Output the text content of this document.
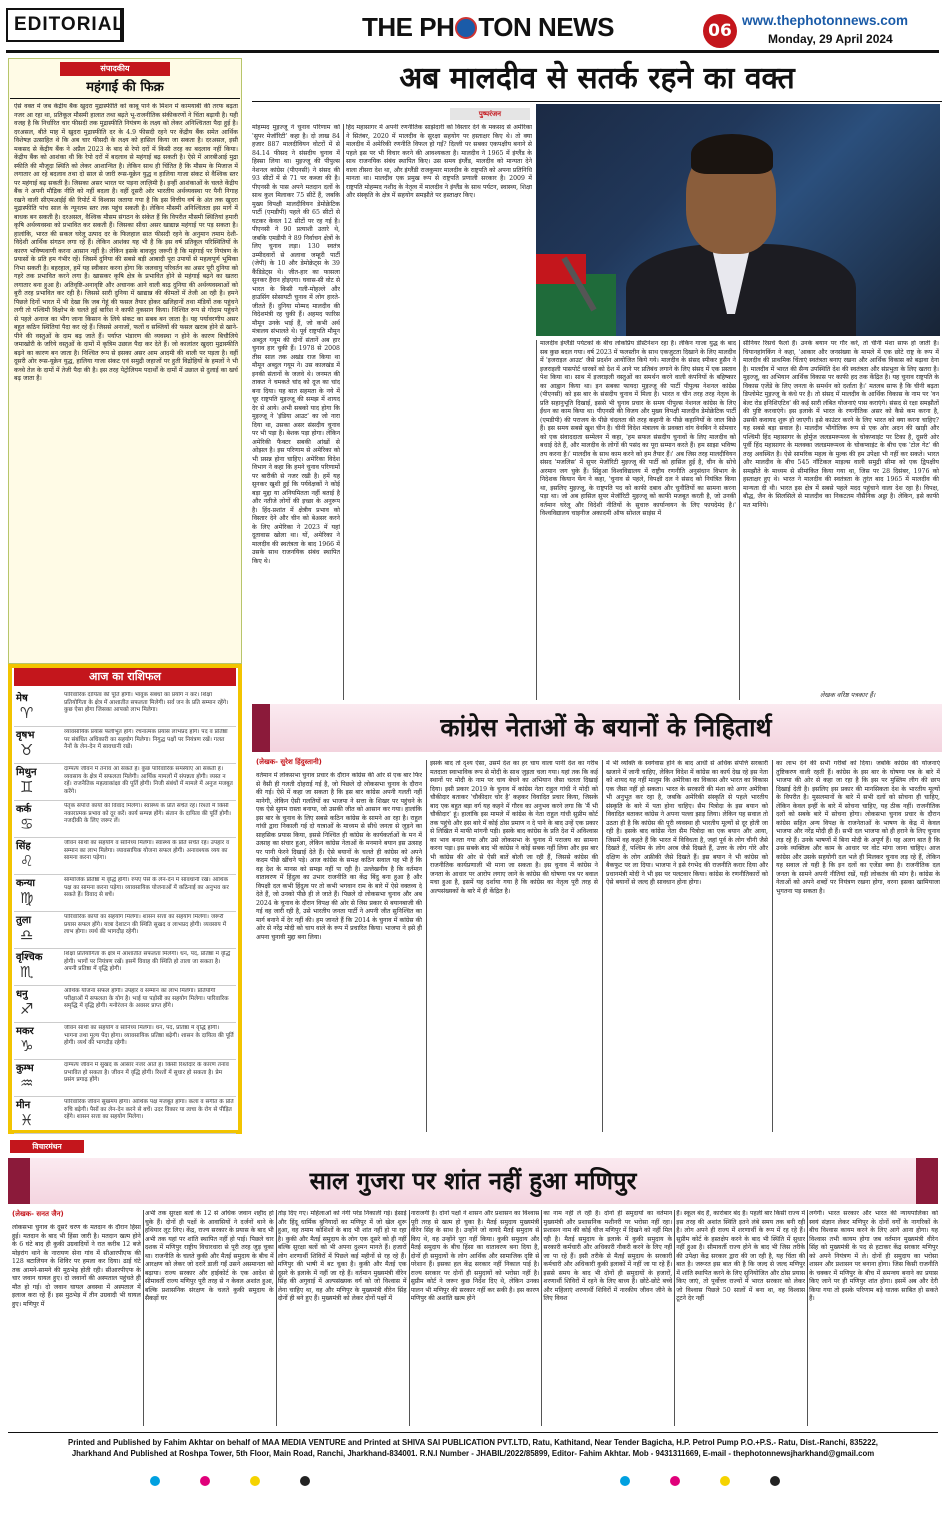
EDITORIAL	THE PH TON NEWS	06
www.thephotonnews.com
Monday, 29 April 2024
संपादकीय
महंगाई की फिक्र
ऐसे वक्त में जब केंद्रीय बैंक खुदरा मुद्रास्फीति को काबू पाने के मिशन में कामयाबी की तरफ बढ़ता नजर आ रहा था, प्रतिकूल मौसमी हालात तथा बढ़ते भू-राजनीतिक संकीकरणों ने चिंता बढ़ायी है। यही वजह है कि निर्धारित चार फीसदी तक मुद्रास्फीति नियंत्रण के लक्ष्य को लेकर अनिश्चितता पैदा हुई है। दरअसल, बीते माह में खुदरा मुद्रास्फीति दर के 4.9 फीसदी रहने पर केंद्रीय बैंक समेत आर्थिक विशेषज्ञ उत्साहित थे कि अब चार फीसदी के लक्ष्य को हासिल किया जा सकता है। दरअसल, इसी मकसद से केंद्रीय बैंक ने अप्रैल 2023 के बाद से रेपो दरों में किसी तरह का बदलाव नहीं किया। केंद्रीय बैंक को आशंका थी कि रेपो दरों में बदलाव से महंगाई बढ़ सकती है। ऐसे में आरबीआई मुद्रा स्फीति की मौजूदा स्थिति को लेकर आशान्वित है। लेकिन साथ ही चिंतित है कि मौसम के मिजाज में लगातार आ रहे बदलाव तथा दो साल से जारी रूस-यूक्रेन युद्ध व हालिया गाजा संकट से वैश्विक स्तर पर महंगाई बढ़ सकती है। जिसका असर भारत पर पड़ना लाज़िमी है। इन्हीं आशंकाओं के चलते केंद्रीय बैंक ने अपनी मौद्रिक नीति को नहीं बदला है। वहीं दूसरी ओर भारतीय अर्थव्यवस्था पर पैनी निगाह रखने वाली सीएमआईई की रिपोर्ट में विश्वास जताया गया है कि इस वित्तीय वर्ष के अंत तक खुदरा मुद्रास्फीति पांच साल के न्यूनतम स्तर तक पहुंच सकती है। लेकिन मौसमी अनिश्चितता इस मार्ग में बाधक बन सकती है। दरअसल, वैश्विक मौसम संगठन के संकेत हैं कि विपरीत मौसमी स्थितियां हमारी कृषि अर्थव्यवस्था को प्रभावित कर सकती हैं। जिसका सीधा असर खाद्यान्न महंगाई पर पड़ सकता है। हालांकि, भारत की सकल घरेलू उत्पाद दर के फिलहाल सात फीसदी रहने के अनुमान तमाम देशी-विदेशी आर्थिक संगठन लगा रहे हैं। लेकिन आशंका यह भी है कि इस वर्ष प्रतिकूल परिस्थितियों के कारण भविष्यवाणी करना आसान नहीं है। लेकिन इसके बावजूद जरूरी है कि महंगाई पर नियंत्रण के प्रयासों के प्रति हम गंभीर रहें। जिसमें दुनिया की सबसे बड़ी आबादी पूरा उपायों से महत्वपूर्ण भूमिका निभा सकती है। बहरहाल, हमें यह स्वीकार करना होगा कि जलवायु परिवर्तन का असर पूरी दुनिया को गहरे तक प्रभावित करने लगा है। खासकर कृषि क्षेत्र के प्रभावित होने से महंगाई बढ़ने का खतरा लगातार बना हुआ है। अतिवृष्टि-अनावृष्टि और अचानक आने वाली बाढ़ दुनिया की अर्थव्यवस्थाओं को बुरी तरह प्रभावित कर रही है। जिससे सारी दुनिया में खाद्यान्न की कीमतों में तेजी आ रही है। हमने पिछले दिनों भारत में भी देखा कि जब गेहूं की फसल तैयार होकर खलिहानों तथा मंडियों तक पहुंचने लगी तो पश्चिमी विक्षोभ के चलते हुई बारिश ने काफी नुकसान किया। निश्चित रूप से गोदाम पहुंचने से पहले अनाज का भीग जाना किसान के लिये संकट का सबब बन जाता है। यह पर्यावरणीय असर बहुत कठिन स्थितियां पैदा कर रहे हैं। जिससे अनाजों, फलों व सब्जियों की फसल खराब होने से खाने-पीने की वस्तुओं के दाम बढ़ जाते हैं। पर्याप्त भंडारण की व्यवस्था न होने के कारण बिचौलिये जमाखोरी के जरिये वस्तुओं के दामों में कृत्रिम उछाल पैदा कर देते हैं। जो कालांतर खुदरा मुद्रास्फीति बढ़ने का कारण बन जाता है। निश्चित रूप से इसका असर आम आदमी की थाली पर पड़ता है। वहीं दूसरी ओर रूस-यूक्रेन युद्ध, हालिया गाजा संकट एवं समुद्री जहाजों पर हुती विद्रोहियों के हमलों ने भी कच्चे तेल के दामों में तेजी पैदा की है। इस तरह पेट्रोलियम पदार्थों के दामों में उछाल से दुलाई का खर्च बढ़ जाता है।
आज का राशिफल
मेष
♈
पारिवारिक दायित्व की पूर्ति होगी। भावुक संबंधों का प्रयोग न करें। शिक्षा प्रतियोगिता के क्षेत्र में आशातीत सफलता मिलेगी। सर्व जन के प्रति सम्मान रहेंगे। कुछ ऐसा होगा जिसका आपको लाभ मिलेगा।
वृषभ
♉
व्यावसायिक प्रयास फलीभूत होंगे। रचनात्मक प्रयास लाभप्रद होंगे। पद व प्रतिष्ठा पर संबंधित अधिकारी का सहयोग मिलेगा। निगुद्ध पक्षों पर नियंत्रण रखें। गलत नैनों के लेन-देन में सावधानी रखें।
मिथुन
♊
दाम्पत्य जीवन में तनाव आ सकते हैं। कुछ पारिवारिक समस्याएं आ सकती हैं। व्यवसाय के क्षेत्र में सफलता मिलेगी। आर्थिक मामलों में संपन्नता होगी। व्यस्त न रहें। राजनैतिक महत्वाकांक्षा की पूर्ति होगी। निजी संबंधों में मामले में अनुज मजबूत करेंगे।
कर्क
♋
पैतृक संपत्ति कार्यों की विवाद मिलेगा। स्वास्थ्य के प्रति सचेत रहें। रिश्तों में किसी नकारात्मक प्रभाव को दूर करें। कार्य सम्पन्न होंगे। संतान के दायित्व की पूर्ति होगी। नजदीकी के लिए जरूर लें।
सिंह
♌
जीवन साथी का सहयोग व सानिध्य मिलेगा। स्वास्थ्य के प्रति सचेत रहें। उपहार व सम्मान का लाभ मिलेगा। व्यावसायिक योजना सफल होगी। अनावश्यक व्यय का सामना करना पड़ेगा।
कन्या
♍
सामाजिक प्रतिष्ठा में वृद्धि होगी। रुपए पैसे के लेन-देन में सावधानी रखें। आर्थिक पक्ष का सामना करना पड़ेगा। व्यावसायिक योजनाओं में कठिनाई का अनुभव कर सकते हैं। विवाद से बचें।
तुला
♎
पारिवारिक कार्यों का सहयोग मिलेगा। शासन सत्ता का सहयोग मिलेगा। जरूरी प्रयास सफल होंगे। यात्रा देशाटन की स्थिति सुखद व लाभप्रद होगी। व्यवसाय में लाभ होगा। व्यर्थ की भागदौड़ रहेगी।
वृश्चिक
♏
शिक्षा प्रतियोगिता के क्षेत्र में आशातीत सफलता मिलेगी। धन, पद, प्रतिष्ठा में वृद्धि होगी। भागों पर नियंत्रण रखें। इसमें विवाह की स्थिति हो ताला जा सकता है। अपनी प्रतिष्ठा में वृद्धि होगी।
धनु
♐
आर्थिक योजना सफल होगी। उपहार व सम्मान का लाभ मिलेगा। प्रतियोगी परीक्षाओं में सफलता के योग है। भाई या पड़ोसी का सहयोग मिलेगा। पारिवारिक समृद्धि में वृद्धि होगी। मनोरंजन के अवसर प्राप्त होंगे।
मकर
♑
जीवन साथी का सहयोग व सानिध्य मिलेगा। धन, पद, प्रतिष्ठा में वृद्धि होगी। भागना तथा मूल्य पेंदा होगा। व्यावसायिक प्रतिष्ठा बढ़ेगी। शासन के दायित्व की पूर्ति होगी। व्यर्थ की भागदौड़ रहेगी।
कुम्भ
♒
दाम्पत्य जीवन में सुखद के आसार नजर आते हैं। किसी रिश्तेदार के कारण तनाव प्रभावित हो सकता है। जीवन में वृद्धि होगी। रिश्तों में सुधार हो सकता है। प्रेम प्रसंग प्रगाढ़ होंगे।
मीन
♓
पारिवारिक जीवन सुखमय होगा। आर्थिक पक्ष मजबूत होगा। कला व संगीत के प्रति रुचि बढ़ेगी। पैसों का लेन-देन करने से बचें। उदर विकार या त्वचा के रोग से पीड़ित रहेंगे। शासन सत्ता का सहयोग मिलेगा।
अब मालदीव से सतर्क रहने का वक्त
पुष्परंजन
मोहम्मद मुइज्जू ने चुनाव परिणाम को 'सुपर मेजॉरिटी' कहा है। दो लाख 84 हजार 887 मालदीवियन वोटरों में से 84.14 फीसद ने संसदीय चुनाव में हिस्सा लिया था। मुइज्जू की पीपुल्स नेशनल कांग्रेस (पीएनसी) ने संसद की 93 सीटों में से 71 पर कब्जा की है। पीएनसी के पास अपने मतदान दलों के साथ कुल मिलाकर 75 सीटें हैं, जबकि मुख्य विपक्षी मालदीवियन डेमोक्रेटिक पार्टी (एमडीपी) पहले की 65 सीटों से घटकर केवल 12 सीटों पर रह गई है। पीएनसी ने 90 प्रत्याशी उतारे थे, जबकि एमडीपी ने 89 निर्वाचन क्षेत्रों के लिए चुनाव लड़ा। 130 स्वतंत्र उम्मीदवारों से अलावा जम्हूरी पार्टी (जेपी) के 10 और डेमोक्रेट्स के 39 कैंडिडेट्स थे। जीत-हार का फासला सुनकर हैरान होइएगा। घवास-सी वोट से भारत के किसी गली-मोहल्ले और हाउसिंग सोसायटी चुनाव में लोग हारते-जीतते हैं। दुनिया मोम्मद मालदीव की विदेशमंत्री रह चुकी हैं। अहमद फारिस मौमून उनके भाई हैं, जो कभी अर्थ मंत्रालय संभालते थे। पूर्व राष्ट्रपति मौमून अब्दुल गयूम की दोनों संतानें अब हार चुनाव हार चुकी हैं। 1978 से 2008 तीस साल तक अखंड राज किया था मौमून अब्दुल गयूम ने। उस कालखंड में इनकी संतानों के जलवे थे। जनमत की ताकत ने चमकते चांद को दूज का चांद बना दिया। यह बात सहमता के नये में चूर राष्ट्रपति मुइज्जू की समझ में शायद देर से आये। अभी सबको याद होगा कि मुइज्जू ने 'इंडिया आउट' का जो नारा दिया था, उसका असर संसदीय चुनाव पर भी पड़ा है। बेशक पड़ा होगा। लेकिन अमेरिकी फैक्टर सबकी आंखों से ओझल है। इस परिणाम से अमेरिका को भी प्रसन्न होना चाहिए। अमेरिका विदेश विभाग ने कहा कि हमने चुनाव परिणामों पर बारीकी से नजर रखी है। हमें यह सुनकर खुशी हुई कि पर्यवेक्षकों ने कोई बड़ा मुद्दा या अनियमितता नहीं बताई है और नतीजे लोगों की इच्छा के अनुरूप है। हिंद-प्रशांत में क्षेत्रीय प्रभाव को विस्तार देने और चीन को बेअसर करने के लिए अमेरिका ने 2023 में यहां दूतावास खोला था। यों, अमेरिका ने मालदीव की स्वतंत्रता के बाद 1966 में उसके साथ राजनयिक संबंध स्थापित किए थे।
हिंद महासागर में अपनी रणनीतिक साझेदारी को विस्तार देने के मकसद से अमेरिका ने सितंबर, 2020 में मालदीव के सुरक्षा सहयोग पर हस्ताक्षर किए थे। तो क्या मालदीव में अमेरिकी रणनीति विफल हो गई? दिल्ली पर सबका एकपक्षीय बनाने से पहले इस पर भी विचार करने की आवश्यकता है। मालदीव ने 1965 में इंग्लैंड के साथ राजनयिक संबंध स्थापित किए। उस समय इंग्लैंड, मालदीव को मान्यता देने वाला तीसरा देश था, और इंग्लैंडी राजकुमार मालदीव के राष्ट्रपति को अपना प्रतिनिधि मानता था। मालदीव एक प्रमुख रूप से राष्ट्रपति प्रणाली सरकार है। 2009 में राष्ट्रपति मोहम्मद नशीद के नेतृत्व में मालदीव ने इंग्लैंड के साथ पर्यटन, स्वास्थ्य, शिक्षा और संस्कृति के क्षेत्र में सहयोग समझौते पर हस्ताक्षर किए।
मालदीव इंग्लैंडी पर्यटकों के बीच लोकप्रिय डेस्टिनेशन रहा है। लेकिन गाजा युद्ध के बाद सब कुछ बदल गया। वर्ष 2023 में फलस्तीन के साथ एकजुटता दिखाने के लिए मालदीव में 'इजराइल आउट' जैसे प्रदर्शन आयोजित किये गये। मालदीव के संसद स्पीकर हुसैन ने इजराइली पासपोर्ट धारकों को देश में आने पर प्रतिबंध लगाने के लिए संसद में एक प्रस्ताव पेश किया था। साथ में इजराइली वस्तुओं का समर्थन करने वाली कंपनियों के बहिष्कार का आह्वान किया था। इन सबका फायदा मुइज्जू की पार्टी पीपुल्स नेशनल कांग्रेस (पीएनसी) को इस बार के संसदीय चुनाव में मिला है। भारत व चीन तरह तरह नेतृत्व के प्रति सहानुभूति दिखाई, इससे भी चुनाव प्रचार के समय पीपुल्स नेशनल कांग्रेस के लिए ईंधन का काम किया था। पीएनसी की विजय और मुख्य विपक्षी मालदीव डेमोक्रेटिक पार्टी (एमडीपी) की पराजय के पीछे चंदलता की तरह कहानी के पीछे कहानियों के जाल बिछे हैं। इस समय सबसे खुश चीन है। चीनी विदेश मंत्रालय के प्रवक्ता वांग वेनबिन ने सोमवार को एक संवाददाता सम्मेलन में कहा, 'हम सफल संसदीय चुनावों के लिए मालदीव को बधाई देते हैं, और मालदीव के लोगों की पसंद का पूरा सम्मान करते हैं। हम साझा भविष्य तय करना है।' मालदीव के साथ काम करने को हम तैयार हैं।' अब जिस तरह मालदीवियन संसद 'मजलिस' में सुपर मेजॉरिटी मुइज्जू की पार्टी को हासिल हुई है, चीन के सोचे अरमान जग चुके हैं। सिंहुआ विश्वविद्यालय में राष्ट्रीय रणनीति अनुसंधान विभाग के निदेशक कियान फेंग ने कहा, 'चुनाव से पहले, विपक्षी दल ने संसद को नियंत्रित किया था, इसलिए मुइज्जू, के राष्ट्रपति पद को काफी दबाव और चुनौतियों का सामना करना पड़ा था। जो अब हासिल सुपर मेजॉरिटी मुइज्जू को काफी मजबूत करती है, जो उनकी वर्तमान घरेलू और विदेशी नीतियों के सुचारु कार्यान्वयन के लिए फायदेमंद है।' विश्वविद्यालय चाइनीज अकादमी ऑफ सोशल साइंस में
सीनियर रिसर्च फैलो हैं। उनके बयान पर गौर करें, तो चीनी मंशा साफ हो जाती है। चियानहांगकिंग ने कहा, 'आकार और जनसंख्या के मामले में एक छोटे राष्ट्र के रूप में मालदीव की प्राथमिक चिंताएं स्वतंत्रता बनाए रखना और आर्थिक विकास को बढ़ावा देना है। मालदीव में भारत की सैन्य उपस्थिति देश की स्वतंत्रता और संप्रभुता के लिए खतरा है। मुइज्जू, का अभियान आर्थिक विकास पर काफी हद तक केंद्रित है। यह चुनाव राष्ट्रपति के विकास एजेंडे के लिए जनता के समर्थन को दर्शाता है।' मतलब साफ है कि चीनी बढ़ता डिप्लोमेट मुइज्जू के कंधे पर है। तो संसद में मालदीव के आर्थिक विकास के नाम पर 'वन बेल्ट रोड इनिशिएटिव' की कई सारी लंबित योजनाएं पास कराएंगे। संसद से रक्षा समझौतों की पुष्टि करवाएंगे। इस इलाके में भारत के रणनीतिक असर को कैसे कम करना है, उसकी कवायद शुरू हो जाएगी। इसे काउंटर करने के लिए भारत को क्या करना चाहिए? यह सबसे बड़ा सवाल है। मालदीव भौगोलिक रूप से एक ओर अदन की खाड़ी और पश्चिमी हिंद महासागर के होर्मुज जलडमरूमध्य के चोकप्वाइंट पर टिका है, दूसरी ओर पूर्वी हिंद महासागर के मलक्का जलडमरूमध्य के चोकप्वाइंट के बीच एक 'टोल गेट' की तरह अवस्थित है। ऐसे सामरिक महत्व के मुल्क की हम उपेक्षा भी नहीं कर सकते। भारत और मालदीव के बीच 545 नॉटिकल माइल्स वाली समुद्री सीमा को एक द्विपक्षीय समझौते के माध्यम से सीमांकित किया गया था, जिस पर 28 दिसंबर, 1976 को हस्ताक्षर हुए थे। भारत ने मालदीव की स्वतंत्रता के तुरंत बाद 1965 में मालदीव की मान्यता दी थी। भारत इस क्षेत्र में सबसे पहले मदद पहुंचाने वाला देश रहा है। विपक्ष, बौद्ध, जैन के सिलसिले से मालदीव का निकटतम नौसैनिक अड्डा है। लेकिन, इसे काफी मत मानिये।
लेखक वरिष्ठ पत्रकार हैं।
कांग्रेस नेताओं के बयानों के निहितार्थ
(लेखक- सुरेश हिंदुस्तानी)
वर्तमान में लोकसभा चुनाव प्रचार के दौरान कांग्रेस की ओर से एक बार फिर से वैसी ही गलती दोहराई गई है, जो पिछले दो लोकसभा चुनाव के दौरान की गई। ऐसे में कहा जा सकता है कि इस बार कांग्रेस अपनी गलती नहीं मानेगी, लेकिन ऐसी गलतियों का भाजपा ने सत्ता के शिखर पर पहुंचने के एक ऐसे सुगम रास्ता बनाया, जो उसकी जीत को आसान कर गया। हालांकि इस बार के चुनाव के लिए सबसे कठिन कांग्रेस के सामने आ रहा है। राहुल गांधी द्वारा निकाली गई दो यात्राओं के माध्यम से सीधे जनता से जुड़ने का साहसिक प्रयास किया, इससे निश्चित ही कांग्रेस के कार्यकर्ताओं के मन में उत्साह का संचार हुआ, लेकिन कांग्रेस नेताओं के मनमाने बयान इस उत्साह पर पानी फेरने दिखाई देते हैं। ऐसे बयानों के चलते ही कांग्रेस को अपने कदम पीछे खींचने पड़े। आज कांग्रेस के समक्ष कठिन सवाल यह भी है कि वह देश के मानस को समझ नहीं पा रही है। उल्लेखनीय है कि वर्तमान वातावरण में हिंदुत्व का उभार राजनीति का केंद्र बिंदु बना हुआ है और विपक्षी दल कभी हिंदुत्व पर तो कभी भगवान राम के बारे में ऐसे वक्तव्य दे देते हैं, जो उनको पीछे ही ले जाते हैं। पिछले दो लोकसभा चुनाव और अब 2024 के चुनाव के दौरान विपक्ष की ओर से जिस प्रकार से बयानबाजी की गई वह जारी रही है, उसे भारतीय जनता पार्टी ने अपनी जीत सुनिश्चित का मार्ग बनाने में देर नहीं की। हम जानते हैं कि 2014 के चुनाव में कांग्रेस की ओर से नरेंद्र मोदी को चाय वाले के रूप में प्रचारित किया। भाजपा ने इसे ही अपना चुनावी मुद्दा बना लिया।
इसके बाद तो दृश्य ऐसा, उसमें देश का हर चाय वाला पानी देश का गरीब मतदाता स्वाभाविक रूप से मोदी के साथ जुड़ता चला गया। यहां तक कि कई स्थानों पर मोदी के नाम पर चाय बेचने का अभियान जैसा चलता दिखाई दिया। इसी प्रकार 2019 के चुनाव में कांग्रेस नेता राहुल गांधी ने मोदी को चौकीदार बताकर 'चौकीदार चोर है' कहकर विवादित प्रचार किया, जिसके बाद एक बहुत बड़ा वर्ग यह कहने में गौरव का अनुभव करने लगा कि 'मैं भी चौकीदार' हूं। हालांकि इस मामले में कांग्रेस के नेता राहुल गांधी सुप्रीम कोर्ट तक पहुंचे और इस बारे में कोई ठोस प्रमाण न दे पाने के बाद उन्हें एक प्रकार से लिखित में माफी मांगनी पड़ी। इसके बाद कांग्रेस के प्रति देश में अविश्वास का भाव बनता गया और उसे लोकसभा के चुनाव में पराजय का सामना करना पड़ा। इस सबके बाद भी कांग्रेस ने कोई सबक नहीं लिया और इस बार भी कांग्रेस की ओर से ऐसी बातें बोली जा रही हैं, जिससे कांग्रेस की राजनीतिक कार्यप्रणाली भी माना जा सकता है। इस चुनाव में कांग्रेस ने जनता के आधार पर आरोप लगाए जाने के कांग्रेस की घोषणा पत्र पर बवाल मचा हुआ है, इसमें यह दर्शाया गया है कि कांग्रेस का नेतृत्व पूरी तरह से अल्पसंख्यकों के बारे में ही केंद्रित है।
में भी व्यक्ति के स्वर्गवास होने के बाद आधी से अधिक संपत्ति सरकारी खजाने में जानी चाहिए, लेकिन विदेश में कांग्रेस का कार्य देख रहे इस नेता को शायद यह नहीं मालूम कि अमेरिका का विकास और भारत का विकास एक जैसा नहीं हो सकता। भारत के सरकारी की मंशा को अगर अमेरिका भी अनुभूत कर रहा है, जबकि अमेरिकी संस्कृति से पहले भारतीय संस्कृति के बारे में पता होना चाहिए। सैम पित्रोदा के इस बयान को विवादित बताकर कांग्रेस ने अपना पल्ला झाड़ लिया। लेकिन यह सवाल तो उठता ही है कि कांग्रेस की पूरी व्यवस्था ही भारतीय मूल्यों से दूर होती जा रही है। इसके बाद कांग्रेस नेता सैम पित्रोदा का एक बयान और आया, जिसमें वह कहते हैं कि भारत में विविधता है, जहां पूर्व के लोग चीनी जैसे दिखते हैं, पश्चिम के लोग अरब जैसे दिखते हैं, उत्तर के लोग गोरे और दक्षिण के लोग अफ्रीकी जैसे दिखते हैं। इस बयान ने भी कांग्रेस को बैकफुट पर ला दिया। भाजपा ने इसे रंगभेद की राजनीति करार दिया और प्रधानमंत्री मोदी ने भी इस पर पलटवार किया। कांग्रेस के रणनीतिकारों को ऐसे बयानों से जल्द ही सावधान होना होगा।
का लाभ देने की सभी गरीबों को दिया। जबकि कांग्रेस की योजनाएं तुष्टिकरण वाली रहती हैं। कांग्रेस के इस बार के घोषणा पत्र के बारे में भाजपा की ओर से कहा जा रहा है कि इस पर मुस्लिम लीग की छाप दिखाई देती है। इसलिए इस प्रकार की मानसिकता देश के भारतीय मूल्यों के विपरीत है। मुसलमानों के बारे में सभी दलों को सोचना ही चाहिए, लेकिन केवल इन्हीं के बारे में सोचना चाहिए, यह ठीक नहीं। राजनीतिक दलों को सबके बारे में सोचना होगा। लोकसभा चुनाव प्रचार के दौरान कांग्रेस सहित अन्य विपक्ष के राजनेताओं के भाषण के केंद्र में केवल भाजपा और नरेंद्र मोदी ही हैं। सभी दल भाजपा को ही हराने के लिए चुनाव लड़ रहे हैं। उनके भाषणों में बिना मोदी के अपूर्ण हैं। यह अलग बात है कि उनके व्यक्तित्व और काम के आधार पर वोट मांगा जाना चाहिए। आज कांग्रेस और उसके सहयोगी दल भले ही मिलकर चुनाव लड़ रहे हैं, लेकिन यह सवाल तो यही है कि इन दलों का एजेंडा क्या है। राजनीतिक दल जनता के सामने अपनी नीतियां रखें, यही लोकतंत्र की मांग है। कांग्रेस के नेताओं को अपने शब्दों पर नियंत्रण रखना होगा, वरना इसका खामियाजा भुगतना पड़ सकता है।
विचारमंथन
साल गुजरा पर शांत नहीं हुआ मणिपुर
(लेखक- सनत जैन)
लोकसभा चुनाव के दूसरे चरण के मतदान के दौरान हिंसा हुई। मतदान के बाद भी हिंसा जारी है। मतदान खत्म होने के 6 घंटे बाद ही कुकी उग्रवादियों ने रात करीब 12 बजे मोइरांग थाने के नारायण सेना गांव में सीआरपीएफ की 128 बटालियन के शिविर पर हमला कर दिया। ढाई घंटे तक आमने-सामने की मुठभेड़ होती रही। सीआरपीएफ के चार जवान घायल हुए। दो जवानों की अस्पताल पहुंचते ही मौत हो गई। दो जवान घायल अवस्था में अस्पताल में इलाज करा रहे हैं। इस मुठभेड़ में तीन उग्रवादी भी घायल हुए। मणिपुर में
अभी तक सुरक्षा बलों के 12 से अधिक जवान शहीद हो चुके हैं। दोनों ही पक्षों के आवासियों ने दर्जनों थाने के हथियार लूट लिए। केंद्र, राज्य सरकार के प्रयास के बाद भी अभी तक यहां पर शांति स्थापित नहीं हो पाई। पिछले चार दशक में मणिपुर राष्ट्रीय विचारधारा से पूरी तरह जुड़ चुका था। राजनीति के चलते कुकी और मैतई समुदाय के बीच में आरक्षण को लेकर जो दरारें डाली गईं उसने असमानता को बढ़ाया। राज्य सरकार और हाईकोर्ट के एक आदेश से सीमावर्ती राज्य मणिपुर पूरी तरह से न केवल अशांत हुआ, बल्कि प्रशासनिक संरक्षण के चलते कुकी समुदाय के सैकड़ों घर
तोड़ दिए गए। महिलाओं को नंगी परेड निकाली गई। ईसाई और हिंदू धार्मिक बुनियादों का मणिपुर में जो खेल शुरू हुआ, वह तमाम कोशिशों के बाद भी शांत नहीं हो पा रहा है। कुकी और मैतई समुदाय के लोग एक दूसरे को ही नहीं बल्कि सुरक्षा बलों को भी अपना दुश्मन मानते हैं। हजारों लोग शरणार्थी शिविरों में पिछले कई महीनों से रह रहे हैं। मणिपुर की भाषी में बट चुका है। कुकी और मैतई एक दूसरे के इलाके में नहीं जा रहे हैं। वर्तमान मुख्यमंत्री वीरेन सिंह की अगुवाई में अल्पसंख्यक वर्ग को जो विश्वास में लेना चाहिए था, वह और मणिपुर के मुख्यमंत्री वीरेन सिंह दोनों ही बने हुए हैं। मुख्यमंत्री को लेकर दोनों पक्षों में
नाराजगी है। दोनों पक्षों ने शासन और प्रशासन का विश्वास पूरी तरह से खत्म हो चुका है। मैतई समुदाय मुख्यमंत्री वीरेन सिंह के साथ है। उन्होंने जो वायदे मैतई समुदाय से किए थे, वह उन्होंने पूरा नहीं किया। कुकी समुदाय और मैतई समुदाय के बीच हिंसा का वातावरण बना दिया है, दोनों ही समुदायों के लोग आर्थिक और सामाजिक दृष्टि से परेशान हैं। इसका हल केंद्र सरकार नहीं निकाल पाई है। राज्य सरकार पर दोनों ही समुदायों को भरोसा नहीं है। सुप्रीम कोर्ट ने जरूर कुछ निर्देश दिए थे, लेकिन उनका पालन भी मणिपुर की सरकार नहीं कर सकी है। इस कारण मणिपुर की अशांति खत्म होने
का नाम नहीं ले रही है। दोनों ही समुदायों का वर्तमान मुख्यमंत्री और प्रशासनिक मशीनरी पर भरोसा नहीं रहा। प्रशासन नाम की कोई चीज मणिपुर में दिखने को नहीं मिल रही है। मैतई समुदाय के इलाके में कुकी समुदाय के सरकारी कर्मचारी और अधिकारी नौकरी करने के लिए नहीं जा पा रहे हैं। इसी तरीके से मैतई समुदाय के सरकारी कर्मचारी और अधिकारी कुकी इलाकों में नहीं जा पा रहे हैं। इससे समय के बाद भी दोनों ही समुदायों के हजारों, शरणार्थी शिविरों में रहने के लिए बाध्य हैं। छोटे-छोटे बच्चे और महिलाएं शरणार्थी शिविरों में नारकीय जीवन जीने के लिए विवश
हैं। स्कूल बंद हैं, कारोबार बंद है। पहली बार किसी राज्य में इस तरह की अशांत स्थिति इतने लंबे समय तक बनी रही है। लोग अपने ही राज्य में शरणार्थी के रूप में रह रहे हैं। सुप्रीम कोर्ट के हस्तक्षेप करने के बाद भी स्थिति में सुधार नहीं हुआ है। सीमावर्ती राज्य होने के बाद भी जिस तरीके की उपेक्षा केंद्र सरकार द्वारा की जा रही है, यह चिंता की बात है। जरूरत इस बात की है कि जल्द से जल्द मणिपुर में शांति स्थापित करने के लिए सुनियोजित और ठोस प्रयास किए जाएं, तो पूर्वोत्तर राज्यों में भारत सरकार को लेकर जो विश्वास पिछले 50 सालों में बना था, वह विश्वास टूटने देर नहीं
लगेगी। भारत सरकार और भारत की न्यायपालिका को स्वयं संज्ञान लेकर मणिपुर के दोनों वर्गों के नागरिकों के बीच विश्वास कायम करने के लिए आगे आना होगा। यह विश्वास तभी कायम होगा जब वर्तमान मुख्यमंत्री वीरेन सिंह को मुख्यमंत्री के पद से हटाकर केंद्र सरकार मणिपुर को अपने नियंत्रण में ले। दोनों ही समुदाय का भरोसा शासन और प्रशासन पर बनाना होगा। जिस किसी राजनीति के चक्कर में मणिपुर के बीच में समन्वय बनाने का प्रयास किए जाने पर ही मणिपुर शांत होगा। इसमें अब और देरी किया गया तो इसके परिणाम बड़े घातक साबित हो सकते हैं।
Printed and Published by Fahim Akhtar on behalf of MAA MEDIA VENTURE and Printed at SHIVA SAI PUBLICATION PVT.LTD, Ratu, Kathitand, Near Tender Bagicha, H.P. Petrol Pump P.O.+P.S.- Ratu, Dist.-Ranchi, 835222,
Jharkhand And Published at Roshpa Tower, 5th Floor, Main Road, Ranchi, Jharkhand-834001. R.N.I Number - JHABIL/2022/85899, Editor- Fahim Akhtar. Mob - 9431311669, E-mail - thephotonnewsjharkhand@gmail.com
